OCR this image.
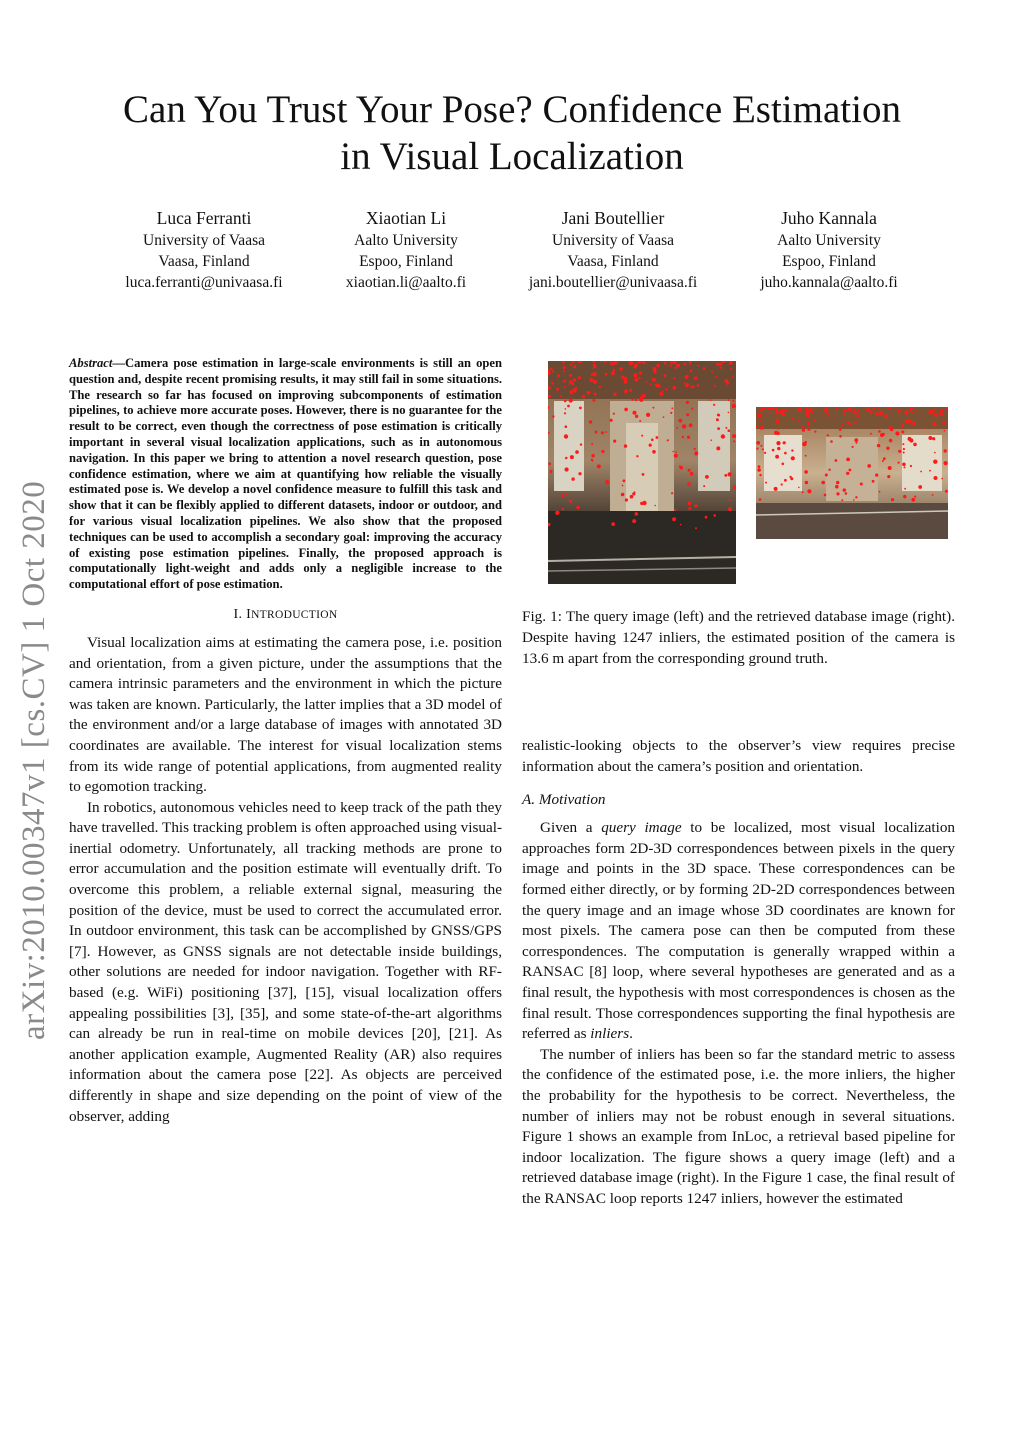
arXiv:2010.00347v1 [cs.CV] 1 Oct 2020
Can You Trust Your Pose? Confidence Estimation
in Visual Localization
Luca Ferranti
University of Vaasa
Vaasa, Finland
luca.ferranti@univaasa.fi
Xiaotian Li
Aalto University
Espoo, Finland
xiaotian.li@aalto.fi
Jani Boutellier
University of Vaasa
Vaasa, Finland
jani.boutellier@univaasa.fi
Juho Kannala
Aalto University
Espoo, Finland
juho.kannala@aalto.fi

Abstract—Camera pose estimation in large-scale environments is still an open question and, despite recent promising results, it may still fail in some situations. The research so far has focused on improving subcomponents of estimation pipelines, to achieve more accurate poses. However, there is no guarantee for the result to be correct, even though the correctness of pose estimation is critically important in several visual localization applications, such as in autonomous navigation. In this paper we bring to attention a novel research question, pose confidence estimation, where we aim at quantifying how reliable the visually estimated pose is. We develop a novel confidence measure to fulfill this task and show that it can be flexibly applied to different datasets, indoor or outdoor, and for various visual localization pipelines. We also show that the proposed techniques can be used to accomplish a secondary goal: improving the accuracy of existing pose estimation pipelines. Finally, the proposed approach is computationally light-weight and adds only a negligible increase to the computational effort of pose estimation.

I. INTRODUCTION

Visual localization aims at estimating the camera pose, i.e. position and orientation, from a given picture, under the assumptions that the camera intrinsic parameters and the environment in which the picture was taken are known. Particularly, the latter implies that a 3D model of the environment and/or a large database of images with annotated 3D coordinates are available. The interest for visual localization stems from its wide range of potential applications, from augmented reality to egomotion tracking.

In robotics, autonomous vehicles need to keep track of the path they have travelled. This tracking problem is often approached using visual-inertial odometry. Unfortunately, all tracking methods are prone to error accumulation and the position estimate will eventually drift. To overcome this problem, a reliable external signal, measuring the position of the device, must be used to correct the accumulated error. In outdoor environment, this task can be accomplished by GNSS/GPS [7]. However, as GNSS signals are not detectable inside buildings, other solutions are needed for indoor navigation. Together with RF-based (e.g. WiFi) positioning [37], [15], visual localization offers appealing possibilities [3], [35], and some state-of-the-art algorithms can already be run in real-time on mobile devices [20], [21]. As another application example, Augmented Reality (AR) also requires information about the camera pose [22]. As objects are perceived differently in shape and size depending on the point of view of the observer, adding

Fig. 1: The query image (left) and the retrieved database image (right). Despite having 1247 inliers, the estimated position of the camera is 13.6 m apart from the corresponding ground truth.

realistic-looking objects to the observer’s view requires precise information about the camera’s position and orientation.

A. Motivation

Given a query image to be localized, most visual localization approaches form 2D-3D correspondences between pixels in the query image and points in the 3D space. These correspondences can be formed either directly, or by forming 2D-2D correspondences between the query image and an image whose 3D coordinates are known for most pixels. The camera pose can then be computed from these correspondences. The computation is generally wrapped within a RANSAC [8] loop, where several hypotheses are generated and as a final result, the hypothesis with most correspondences is chosen as the final result. Those correspondences supporting the final hypothesis are referred as inliers.

The number of inliers has been so far the standard metric to assess the confidence of the estimated pose, i.e. the more inliers, the higher the probability for the hypothesis to be correct. Nevertheless, the number of inliers may not be robust enough in several situations. Figure 1 shows an example from InLoc, a retrieval based pipeline for indoor localization. The figure shows a query image (left) and a retrieved database image (right). In the Figure 1 case, the final result of the RANSAC loop reports 1247 inliers, however the estimated
